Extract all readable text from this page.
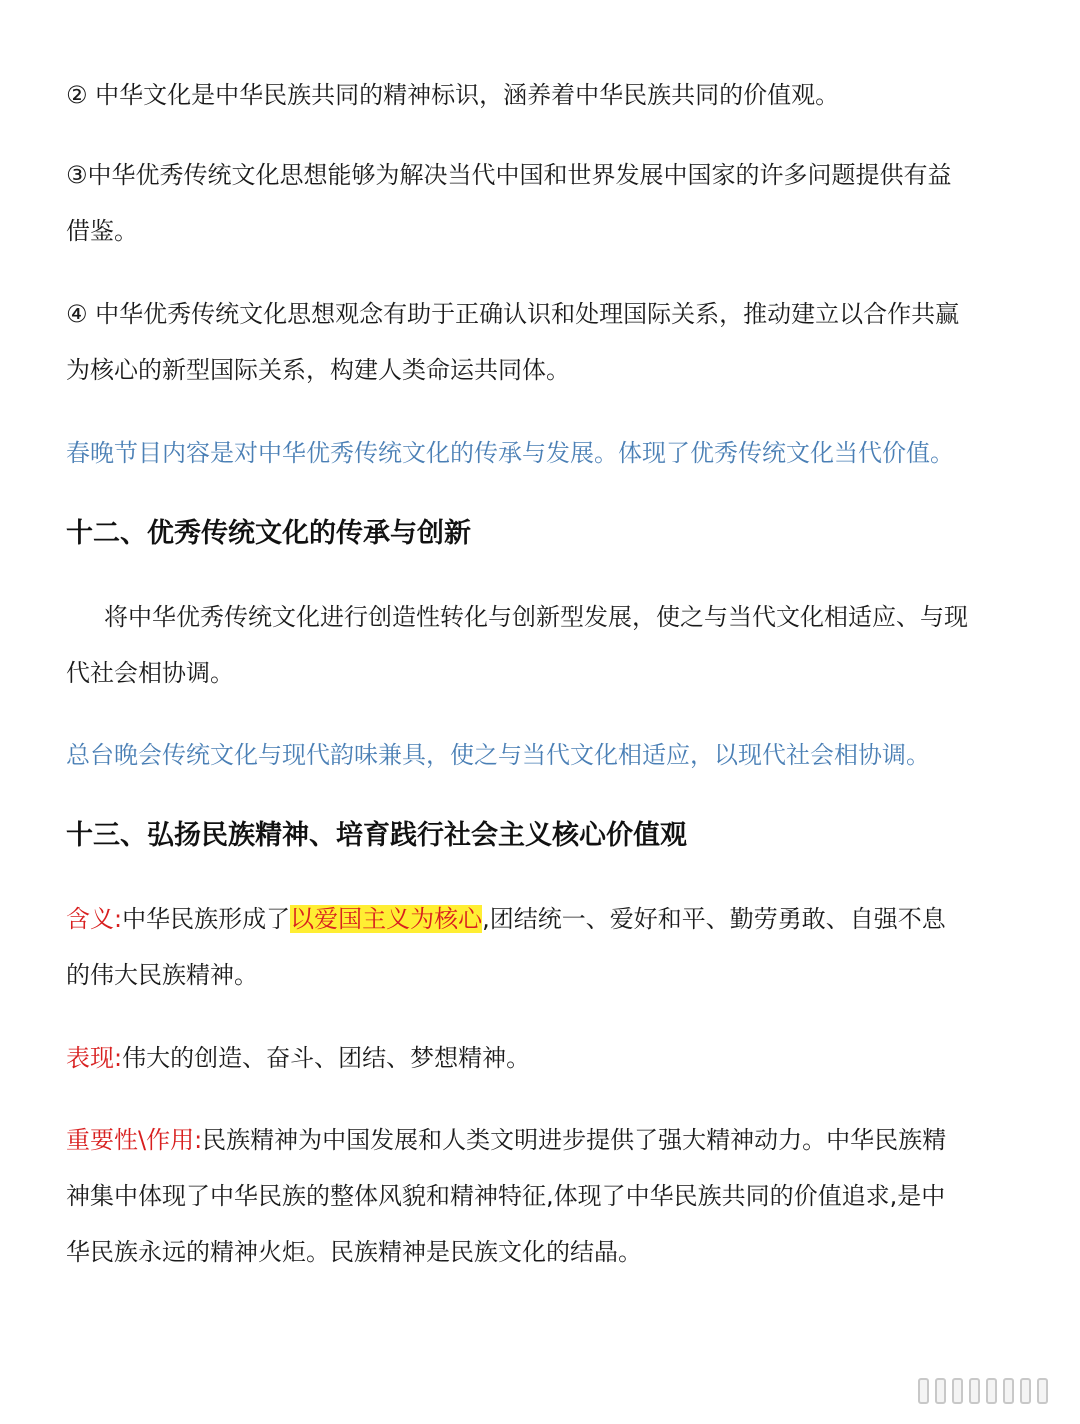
② 中华文化是中华民族共同的精神标识，涵养着中华民族共同的价值观。
③中华优秀传统文化思想能够为解决当代中国和世界发展中国家的许多问题提供有益
借鉴。
④ 中华优秀传统文化思想观念有助于正确认识和处理国际关系，推动建立以合作共赢
为核心的新型国际关系，构建人类命运共同体。
春晚节目内容是对中华优秀传统文化的传承与发展。体现了优秀传统文化当代价值。
十二、优秀传统文化的传承与创新
将中华优秀传统文化进行创造性转化与创新型发展，使之与当代文化相适应、与现
代社会相协调。
总台晚会传统文化与现代韵味兼具，使之与当代文化相适应，以现代社会相协调。
十三、弘扬民族精神、培育践行社会主义核心价值观
含义:中华民族形成了以爱国主义为核心,团结统一、爱好和平、勤劳勇敢、自强不息
的伟大民族精神。
表现:伟大的创造、奋斗、团结、梦想精神。
重要性\作用:民族精神为中国发展和人类文明进步提供了强大精神动力。中华民族精
神集中体现了中华民族的整体风貌和精神特征,体现了中华民族共同的价值追求,是中
华民族永远的精神火炬。民族精神是民族文化的结晶。
